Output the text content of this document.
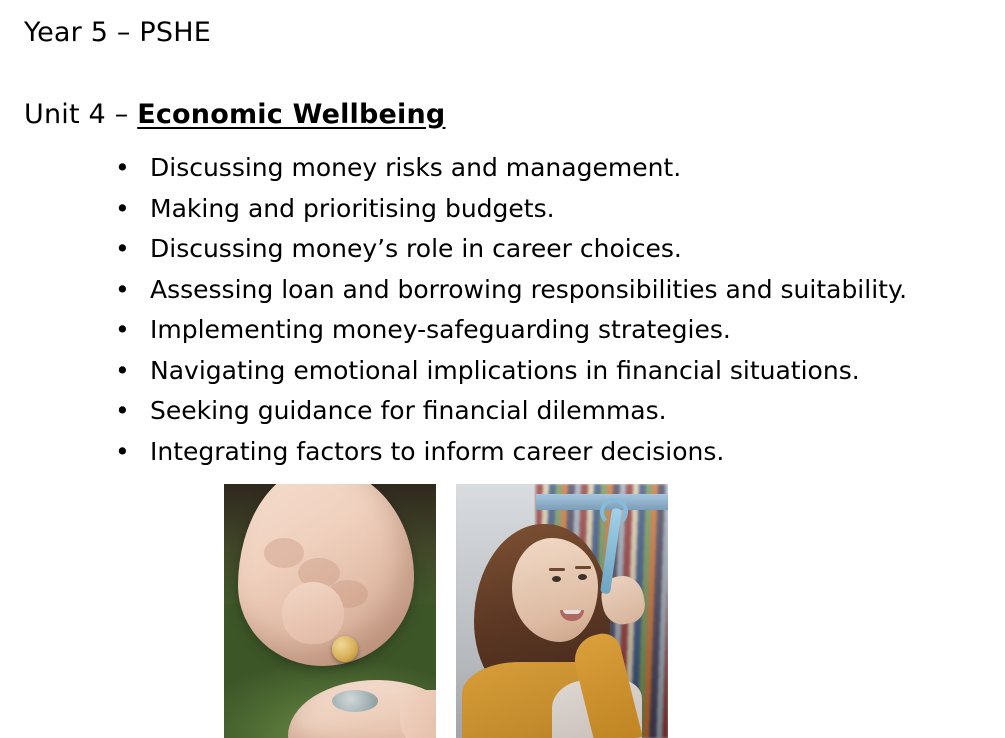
Year 5 – PSHE
Unit 4 – Economic Wellbeing
• Discussing money risks and management.
• Making and prioritising budgets.
• Discussing money’s role in career choices.
• Assessing loan and borrowing responsibilities and suitability.
• Implementing money-safeguarding strategies.
• Navigating emotional implications in financial situations.
• Seeking guidance for financial dilemmas.
• Integrating factors to inform career decisions.
